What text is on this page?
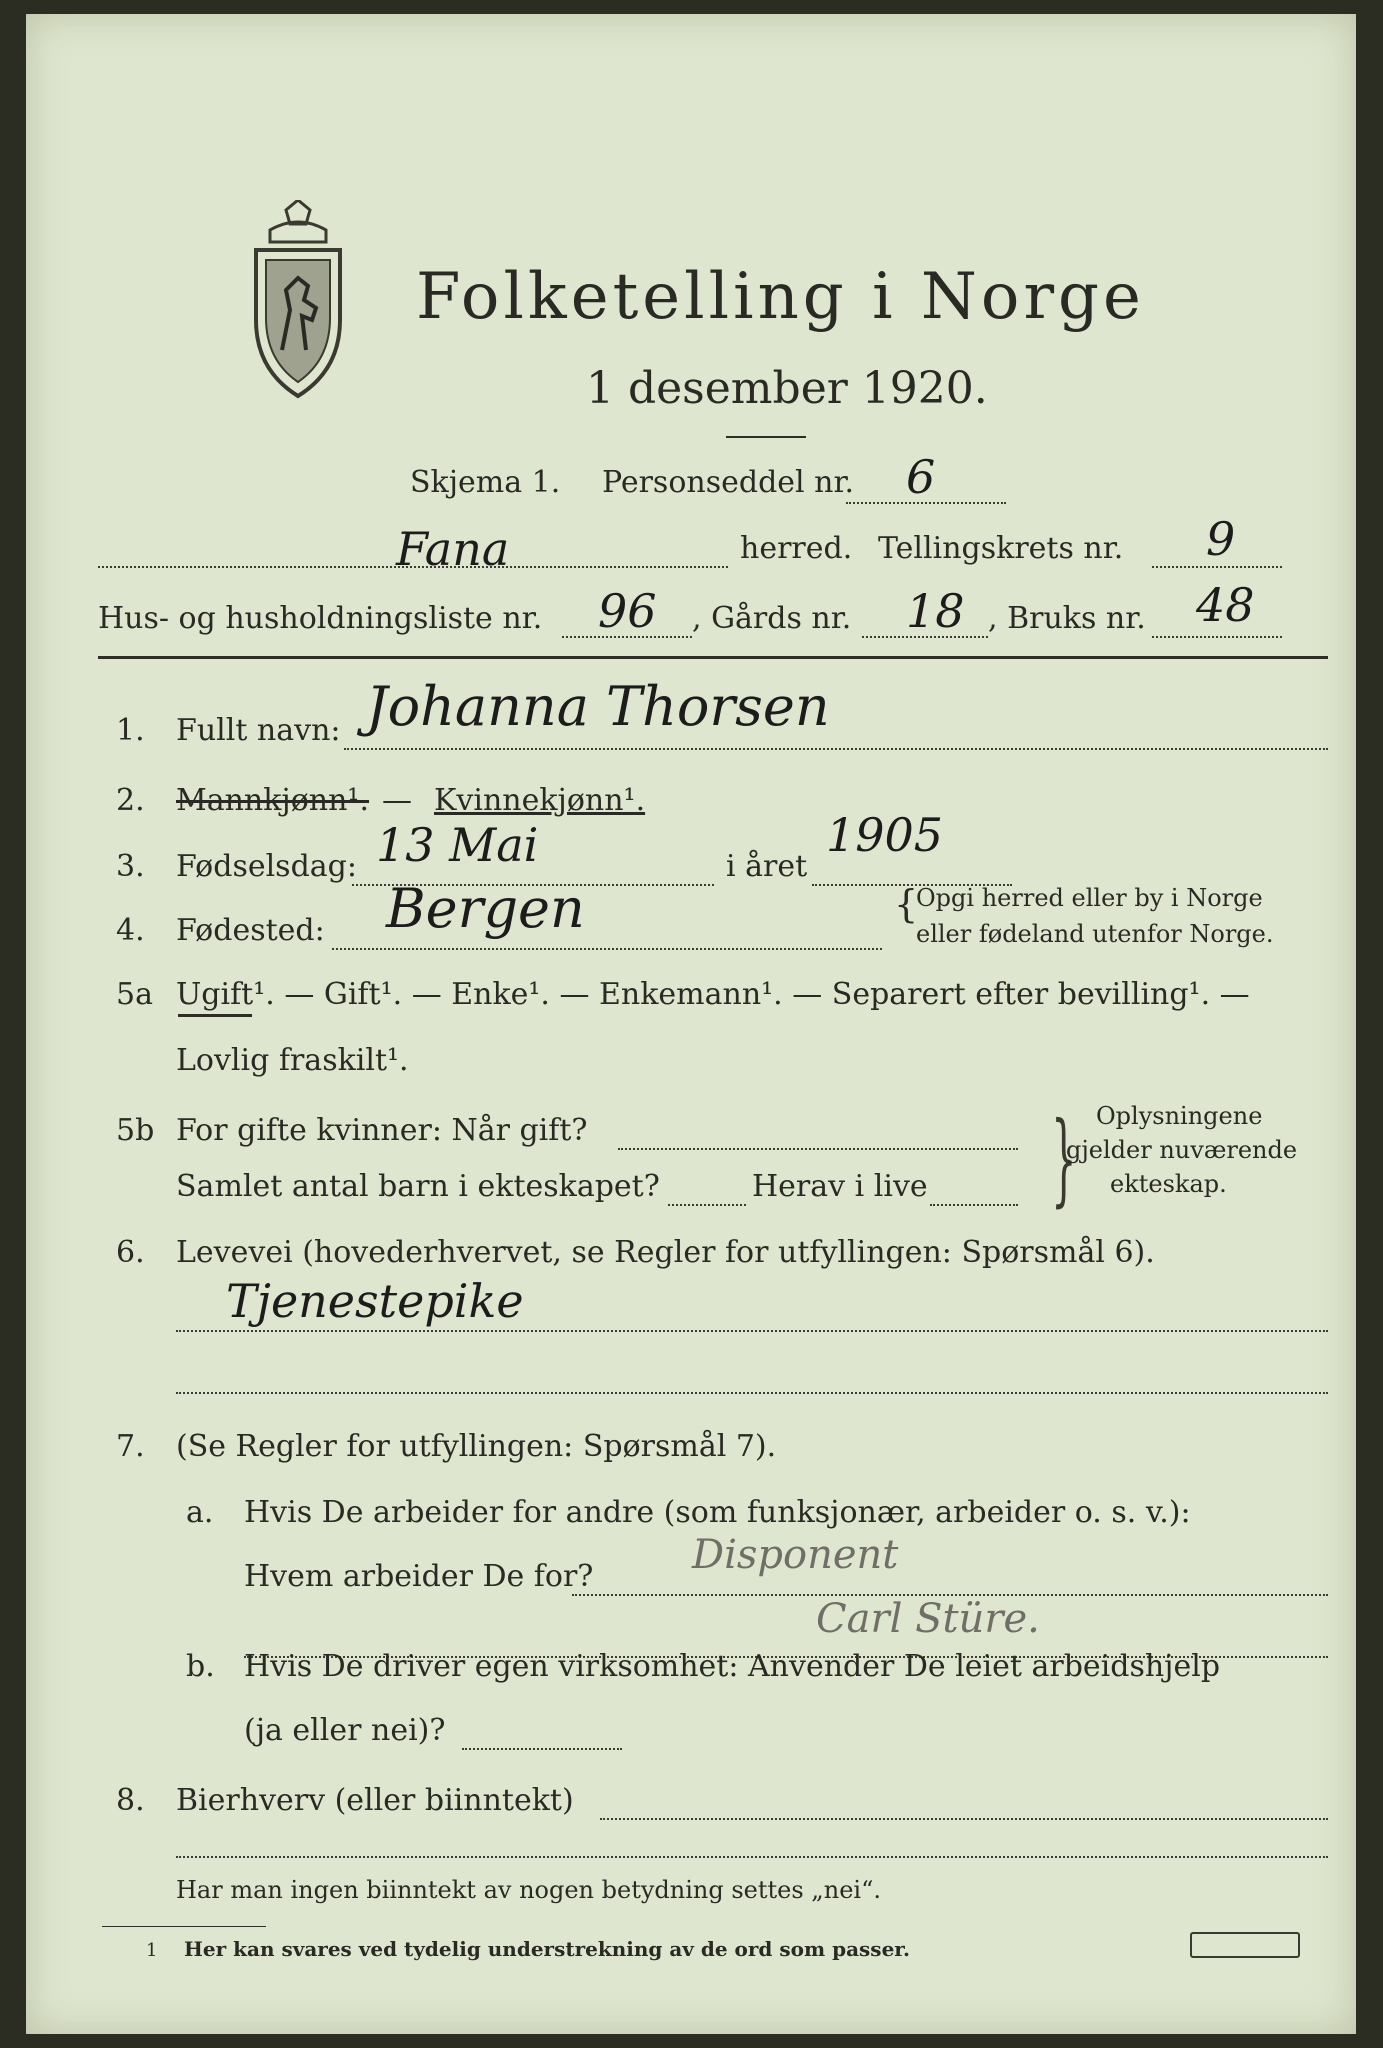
Folketelling i Norge
1 desember 1920.
Skjema 1. Personseddel nr. 6
Fana	herred. Tellingskrets nr. 9
Hus- og husholdningsliste nr. 96 , Gårds nr. 18 , Bruks nr. 48
1. Fullt navn: Johanna Thorsen
2. Mannkjønn¹. — Kvinnekjønn¹.
3. Fødselsdag: 13 Mai	i året
1905
4. Fødested: Bergen	{
Opgi herred eller by i Norge
eller fødeland utenfor Norge.
5a Ugift¹. — Gift¹. — Enke¹. — Enkemann¹. — Separert efter bevilling¹. —
Lovlig fraskilt¹.
5b For gifte kvinner: Når gift?
Samlet antal barn i ekteskapet?	Herav i live } Oplysningene
gjelder nuværende
ekteskap.
6. Levevei (hovederhvervet, se Regler for utfyllingen: Spørsmål 6).
Tjenestepike
7. (Se Regler for utfyllingen: Spørsmål 7).
a. Hvis De arbeider for andre (som funksjonær, arbeider o. s. v.):
Hvem arbeider De for? Disponent
Carl Stüre.
b. Hvis De driver egen virksomhet: Anvender De leiet arbeidshjelp
(ja eller nei)?
8. Bierhverv (eller biinntekt)
Har man ingen biinntekt av nogen betydning settes „nei“.
1 Her kan svares ved tydelig understrekning av de ord som passer.
